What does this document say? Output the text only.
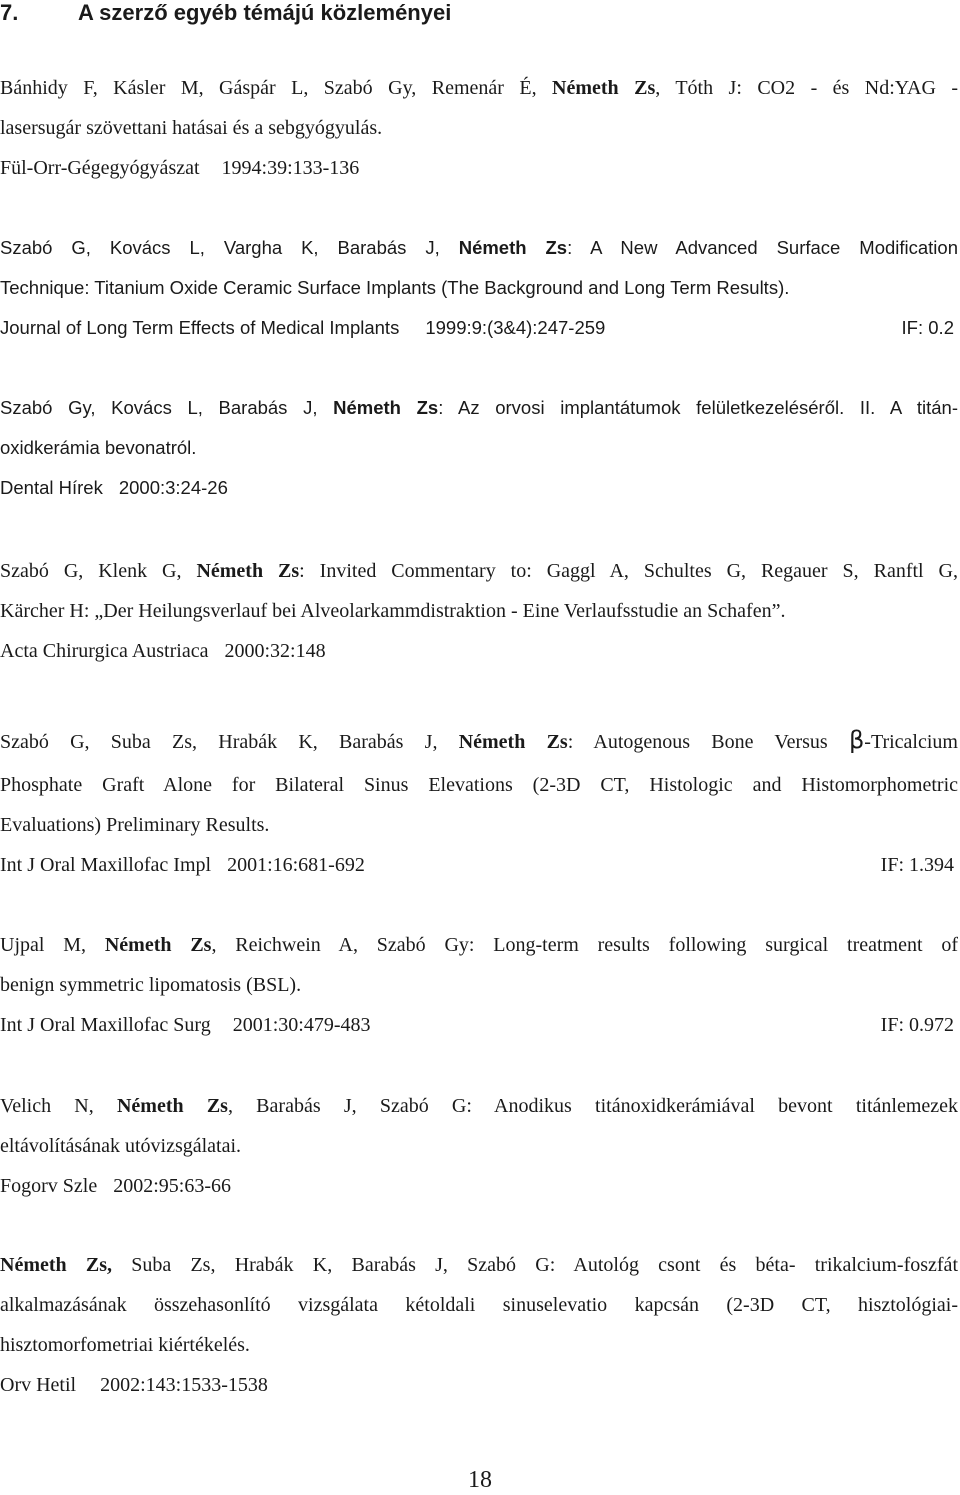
7.	A szerző egyéb témájú közleményei
Bánhidy F, Kásler M, Gáspár L, Szabó Gy, Remenár É, Németh Zs, Tóth J: CO2 - és Nd:YAG -
lasersugár szövettani hatásai és a sebgyógyulás.
Fül-Orr-Gégegyógyászat 1994:39:133-136
Szabó G, Kovács L, Vargha K, Barabás J, Németh Zs: A New Advanced Surface Modification
Technique: Titanium Oxide Ceramic Surface Implants (The Background and Long Term Results).
Journal of Long Term Effects of Medical Implants 1999:9:(3&4):247-259	IF: 0.2
Szabó Gy, Kovács L, Barabás J, Németh Zs: Az orvosi implantátumok felületkezeléséről. II. A titán-
oxidkerámia bevonatról.
Dental Hírek 2000:3:24-26
Szabó G, Klenk G, Németh Zs: Invited Commentary to: Gaggl A, Schultes G, Regauer S, Ranftl G,
Kärcher H: „Der Heilungsverlauf bei Alveolarkammdistraktion - Eine Verlaufsstudie an Schafen”.
Acta Chirurgica Austriaca 2000:32:148
Szabó G, Suba Zs, Hrabák K, Barabás J, Németh Zs: Autogenous Bone Versus β-Tricalcium
Phosphate Graft Alone for Bilateral Sinus Elevations (2-3D CT, Histologic and Histomorphometric
Evaluations) Preliminary Results.
Int J Oral Maxillofac Impl 2001:16:681-692	IF: 1.394
Ujpal M, Németh Zs, Reichwein A, Szabó Gy: Long-term results following surgical treatment of
benign symmetric lipomatosis (BSL).
Int J Oral Maxillofac Surg 2001:30:479-483	IF: 0.972
Velich N, Németh Zs, Barabás J, Szabó G: Anodikus titánoxidkerámiával bevont titánlemezek
eltávolításának utóvizsgálatai.
Fogorv Szle 2002:95:63-66
Németh Zs, Suba Zs, Hrabák K, Barabás J, Szabó G: Autológ csont és béta- trikalcium-foszfát
alkalmazásának összehasonlító vizsgálata kétoldali sinuselevatio kapcsán (2-3D CT, hisztológiai-
hisztomorfometriai kiértékelés.
Orv Hetil 2002:143:1533-1538
18
